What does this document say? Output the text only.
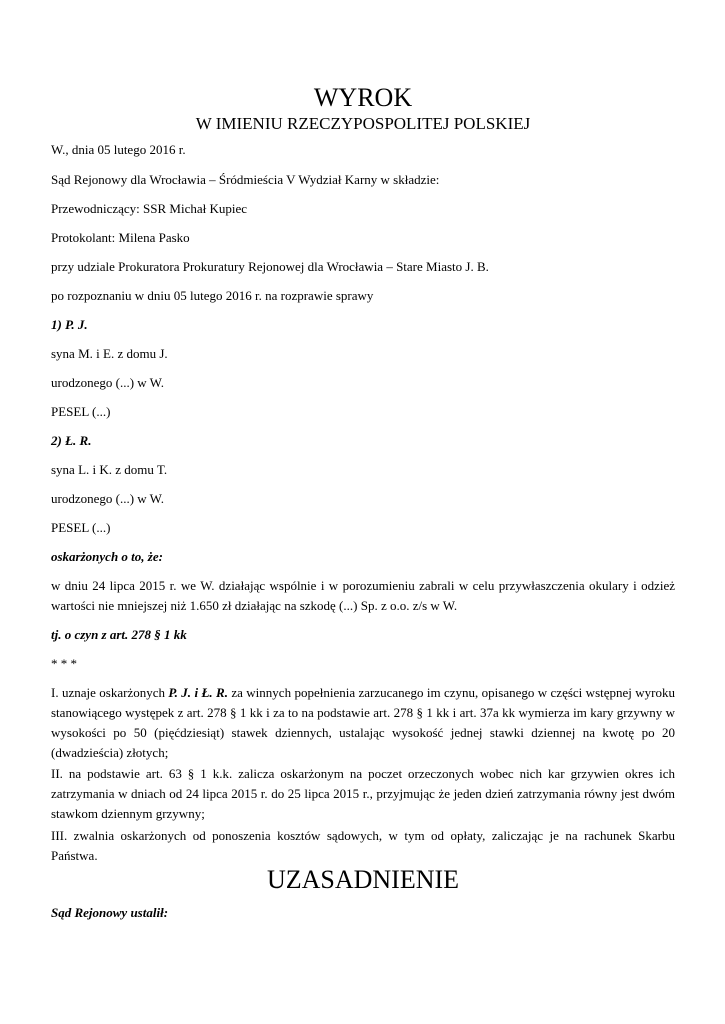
WYROK
W IMIENIU RZECZYPOSPOLITEJ POLSKIEJ
W., dnia 05 lutego 2016 r.
Sąd Rejonowy dla Wrocławia – Śródmieścia V Wydział Karny w składzie:
Przewodniczący: SSR Michał Kupiec
Protokolant: Milena Pasko
przy udziale Prokuratora Prokuratury Rejonowej dla Wrocławia – Stare Miasto J. B.
po rozpoznaniu w dniu 05 lutego 2016 r. na rozprawie sprawy
1) P. J.
syna M. i E. z domu J.
urodzonego (...) w W.
PESEL (...)
2) Ł. R.
syna L. i K. z domu T.
urodzonego (...) w W.
PESEL (...)
oskarżonych o to, że:
w dniu 24 lipca 2015 r. we W. działając wspólnie i w porozumieniu zabrali w celu przywłaszczenia okulary i odzież wartości nie mniejszej niż 1.650 zł działając na szkodę (...) Sp. z o.o. z/s w W.
tj. o czyn z art. 278 § 1 kk
* * *
I. uznaje oskarżonych P. J. i Ł. R. za winnych popełnienia zarzucanego im czynu, opisanego w części wstępnej wyroku stanowiącego występek z art. 278 § 1 kk i za to na podstawie art. 278 § 1 kk i art. 37a kk wymierza im kary grzywny w wysokości po 50 (pięćdziesiąt) stawek dziennych, ustalając wysokość jednej stawki dziennej na kwotę po 20 (dwadzieścia) złotych;
II. na podstawie art. 63 § 1 k.k. zalicza oskarżonym na poczet orzeczonych wobec nich kar grzywien okres ich zatrzymania w dniach od 24 lipca 2015 r. do 25 lipca 2015 r., przyjmując że jeden dzień zatrzymania równy jest dwóm stawkom dziennym grzywny;
III. zwalnia oskarżonych od ponoszenia kosztów sądowych, w tym od opłaty, zaliczając je na rachunek Skarbu Państwa.
UZASADNIENIE
Sąd Rejonowy ustalił:
